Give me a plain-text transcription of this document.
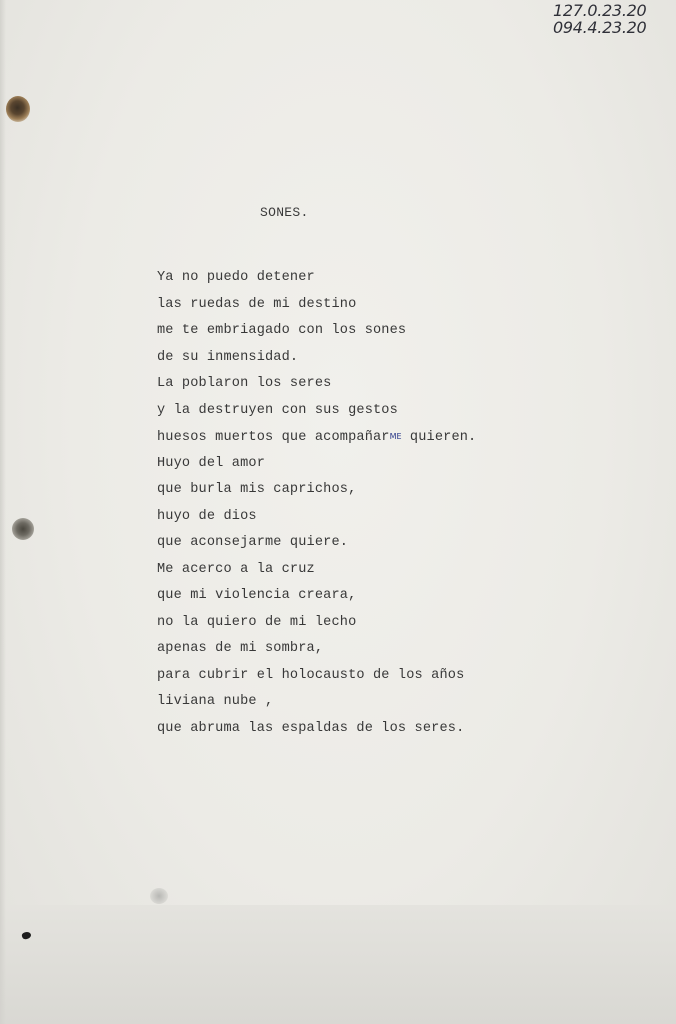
127.0.23.20
094.4.23.20
SONES.
Ya no puedo detener
las ruedas de mi destino
me te embriagado con los sones
de su inmensidad.
La poblaron los seres
y la destruyen con sus gestos
huesos muertos que acompañarME quieren.
Huyo del amor
que burla mis caprichos,
huyo de dios
que aconsejarme quiere.
Me acerco a la cruz
que mi violencia creara,
no la quiero de mi lecho
apenas de mi sombra,
para cubrir el holocausto de los años
liviana nube ,
que abruma las espaldas de los seres.
